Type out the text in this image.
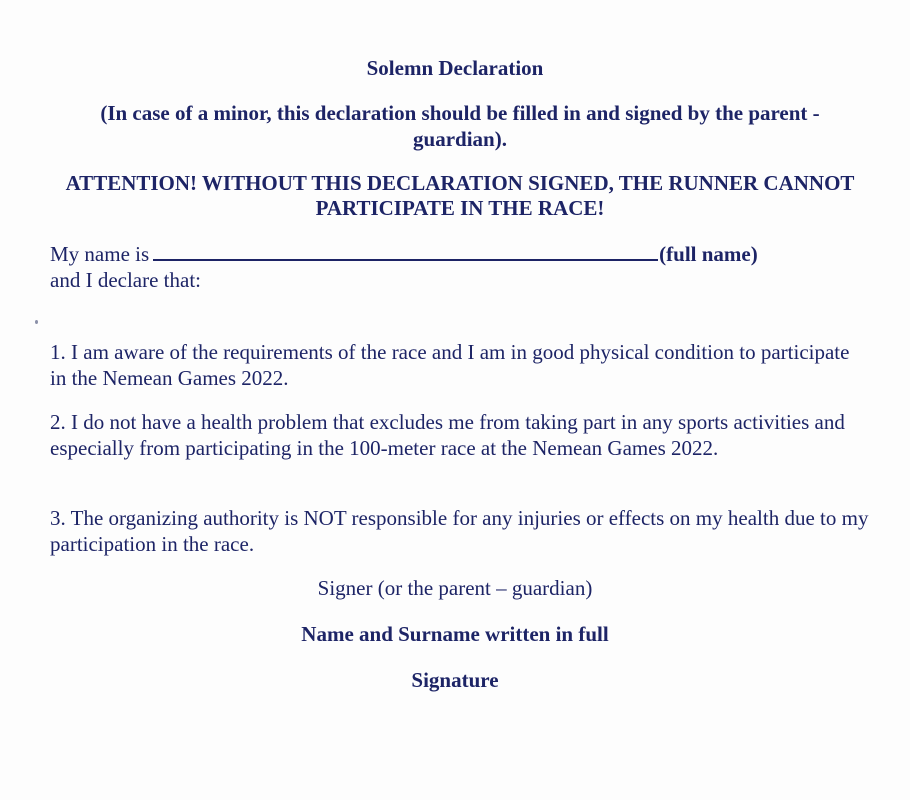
Solemn Declaration
(In case of a minor, this declaration should be filled in and signed by the parent - guardian).
ATTENTION! WITHOUT THIS DECLARATION SIGNED, THE RUNNER CANNOT PARTICIPATE IN THE RACE!
My name is	(full name)
and I declare that:
1. I am aware of the requirements of the race and I am in good physical condition to participate in the Nemean Games 2022.
2. I do not have a health problem that excludes me from taking part in any sports activities and especially from participating in the 100-meter race at the Nemean Games 2022.
3. The organizing authority is NOT responsible for any injuries or effects on my health due to my participation in the race.
Signer (or the parent – guardian)
Name and Surname written in full
Signature
